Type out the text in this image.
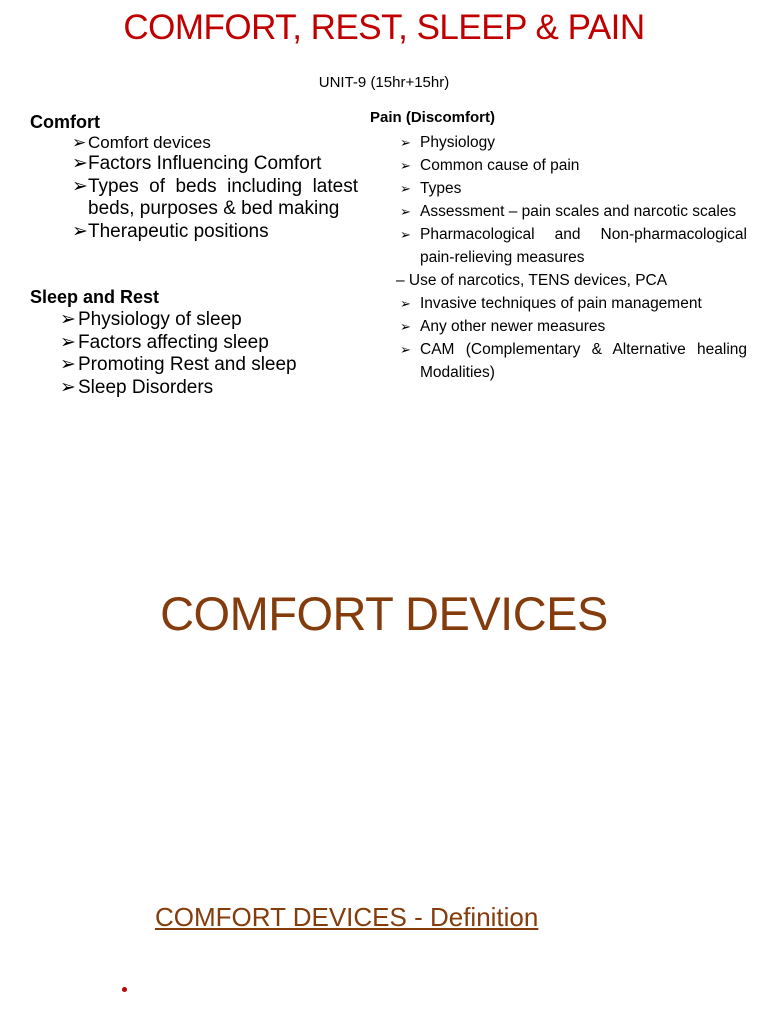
COMFORT, REST, SLEEP & PAIN
UNIT-9 (15hr+15hr)
Comfort
➢ Comfort devices
➢ Factors Influencing Comfort
➢ Types of beds including latest beds, purposes & bed making
➢ Therapeutic positions
Sleep and Rest
➢ Physiology of sleep
➢ Factors affecting sleep
➢ Promoting Rest and sleep
➢ Sleep Disorders
Pain (Discomfort)
➢ Physiology
➢ Common cause of pain
➢ Types
➢ Assessment – pain scales and narcotic scales
➢ Pharmacological and Non-pharmacological pain-relieving measures
– Use of narcotics, TENS devices, PCA
➢ Invasive techniques of pain management
➢ Any other newer measures
➢ CAM (Complementary & Alternative healing Modalities)
COMFORT DEVICES
COMFORT DEVICES - Definition
